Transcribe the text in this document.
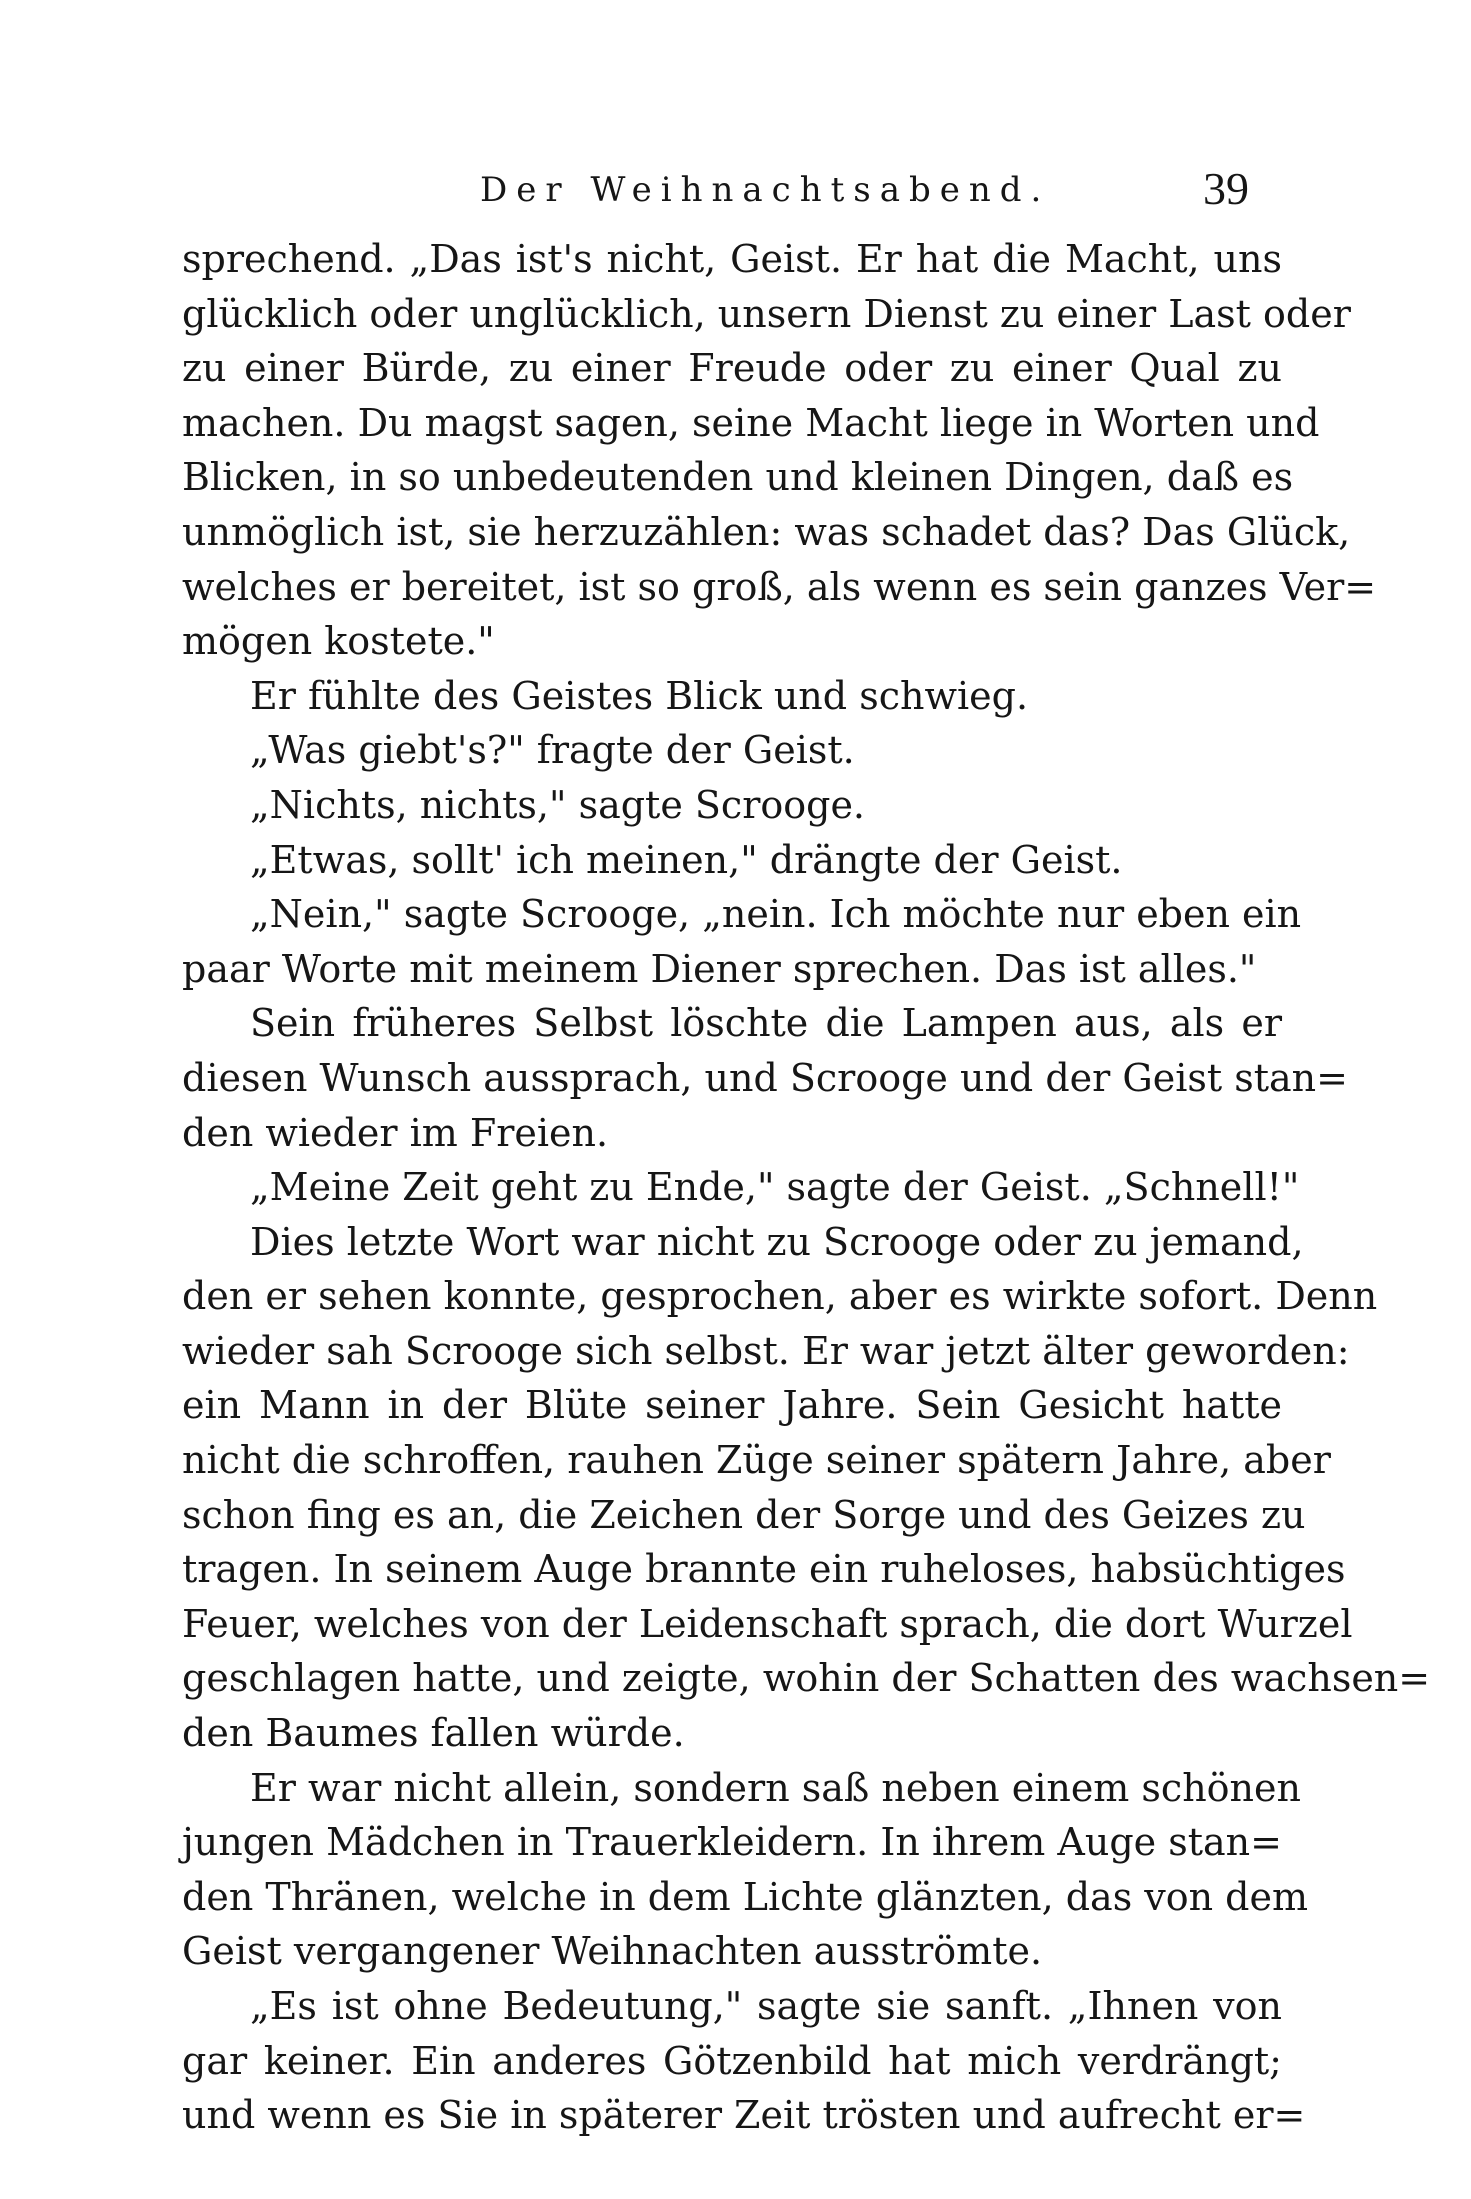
Der Weihnachtsabend.	39
sprechend. „Das ist's nicht, Geist. Er hat die Macht, uns
glücklich oder unglücklich, unsern Dienst zu einer Last oder
zu einer Bürde, zu einer Freude oder zu einer Qual zu
machen. Du magst sagen, seine Macht liege in Worten und
Blicken, in so unbedeutenden und kleinen Dingen, daß es
unmöglich ist, sie herzuzählen: was schadet das? Das Glück,
welches er bereitet, ist so groß, als wenn es sein ganzes Ver=
mögen kostete."
Er fühlte des Geistes Blick und schwieg.
„Was giebt's?" fragte der Geist.
„Nichts, nichts," sagte Scrooge.
„Etwas, sollt' ich meinen," drängte der Geist.
„Nein," sagte Scrooge, „nein. Ich möchte nur eben ein
paar Worte mit meinem Diener sprechen. Das ist alles."
Sein früheres Selbst löschte die Lampen aus, als er
diesen Wunsch aussprach, und Scrooge und der Geist stan=
den wieder im Freien.
„Meine Zeit geht zu Ende," sagte der Geist. „Schnell!"
Dies letzte Wort war nicht zu Scrooge oder zu jemand,
den er sehen konnte, gesprochen, aber es wirkte sofort. Denn
wieder sah Scrooge sich selbst. Er war jetzt älter geworden:
ein Mann in der Blüte seiner Jahre. Sein Gesicht hatte
nicht die schroffen, rauhen Züge seiner spätern Jahre, aber
schon fing es an, die Zeichen der Sorge und des Geizes zu
tragen. In seinem Auge brannte ein ruheloses, habsüchtiges
Feuer, welches von der Leidenschaft sprach, die dort Wurzel
geschlagen hatte, und zeigte, wohin der Schatten des wachsen=
den Baumes fallen würde.
Er war nicht allein, sondern saß neben einem schönen
jungen Mädchen in Trauerkleidern. In ihrem Auge stan=
den Thränen, welche in dem Lichte glänzten, das von dem
Geist vergangener Weihnachten ausströmte.
„Es ist ohne Bedeutung," sagte sie sanft. „Ihnen von
gar keiner. Ein anderes Götzenbild hat mich verdrängt;
und wenn es Sie in späterer Zeit trösten und aufrecht er=
